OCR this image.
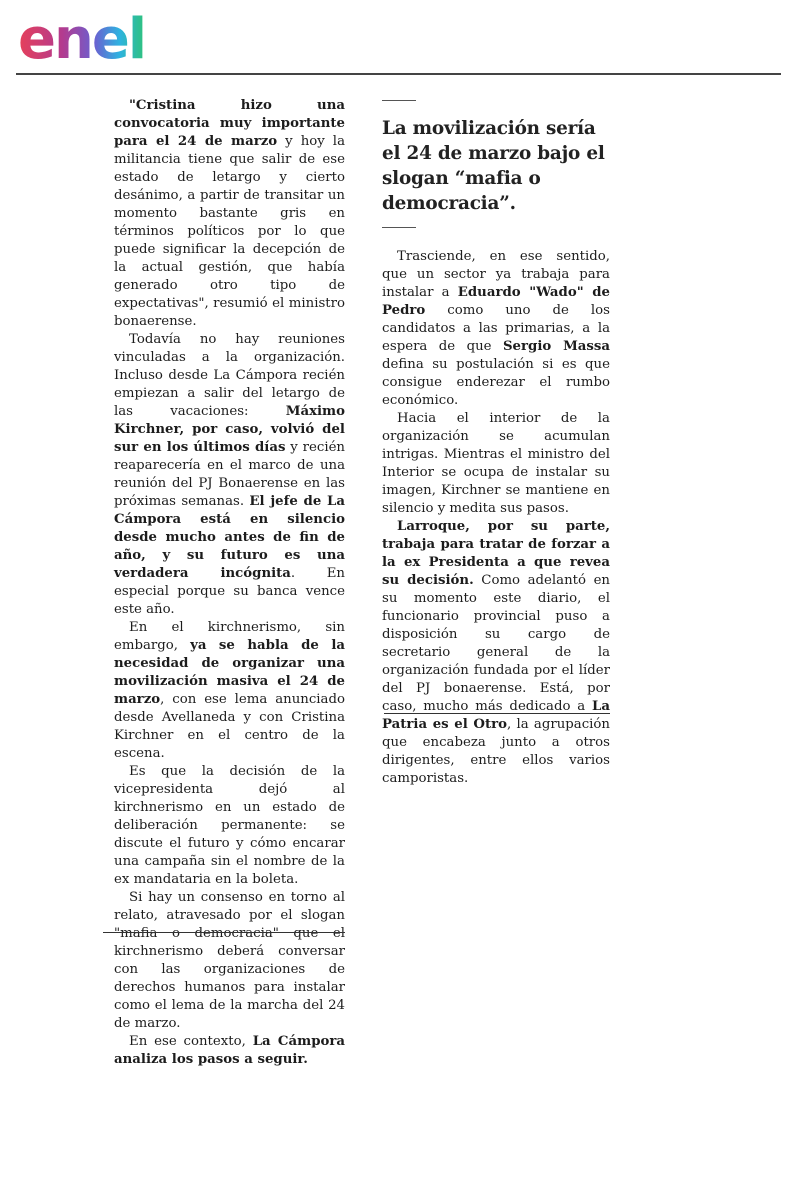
enel

"Cristina hizo una convocatoria muy importante para el 24 de marzo y hoy la militancia tiene que salir de ese estado de letargo y cierto desánimo, a partir de transitar un momento bastante gris en términos políticos por lo que puede significar la decepción de la actual gestión, que había generado otro tipo de expectativas", resumió el ministro bonaerense.

Todavía no hay reuniones vinculadas a la organización. Incluso desde La Cámpora recién empiezan a salir del letargo de las vacaciones: Máximo Kirchner, por caso, volvió del sur en los últimos días y recién reaparecería en el marco de una reunión del PJ Bonaerense en las próximas semanas. El jefe de La Cámpora está en silencio desde mucho antes de fin de año, y su futuro es una verdadera incógnita. En especial porque su banca vence este año.

En el kirchnerismo, sin embargo, ya se habla de la necesidad de organizar una movilización masiva el 24 de marzo, con ese lema anunciado desde Avellaneda y con Cristina Kirchner en el centro de la escena.

Es que la decisión de la vicepresidenta dejó al kirchnerismo en un estado de deliberación permanente: se discute el futuro y cómo encarar una campaña sin el nombre de la ex mandataria en la boleta.

Si hay un consenso en torno al relato, atravesado por el slogan "mafia o democracia" que el kirchnerismo deberá conversar con las organizaciones de derechos humanos para instalar como el lema de la marcha del 24 de marzo.

En ese contexto, La Cámpora analiza los pasos a seguir.

La movilización sería el 24 de marzo bajo el slogan “mafia o democracia”.

Trasciende, en ese sentido, que un sector ya trabaja para instalar a Eduardo "Wado" de Pedro como uno de los candidatos a las primarias, a la espera de que Sergio Massa defina su postulación si es que consigue enderezar el rumbo económico.

Hacia el interior de la organización se acumulan intrigas. Mientras el ministro del Interior se ocupa de instalar su imagen, Kirchner se mantiene en silencio y medita sus pasos.

Larroque, por su parte, trabaja para tratar de forzar a la ex Presidenta a que revea su decisión. Como adelantó en su momento este diario, el funcionario provincial puso a disposición su cargo de secretario general de la organización fundada por el líder del PJ bonaerense. Está, por caso, mucho más dedicado a La Patria es el Otro, la agrupación que encabeza junto a otros dirigentes, entre ellos varios camporistas.
